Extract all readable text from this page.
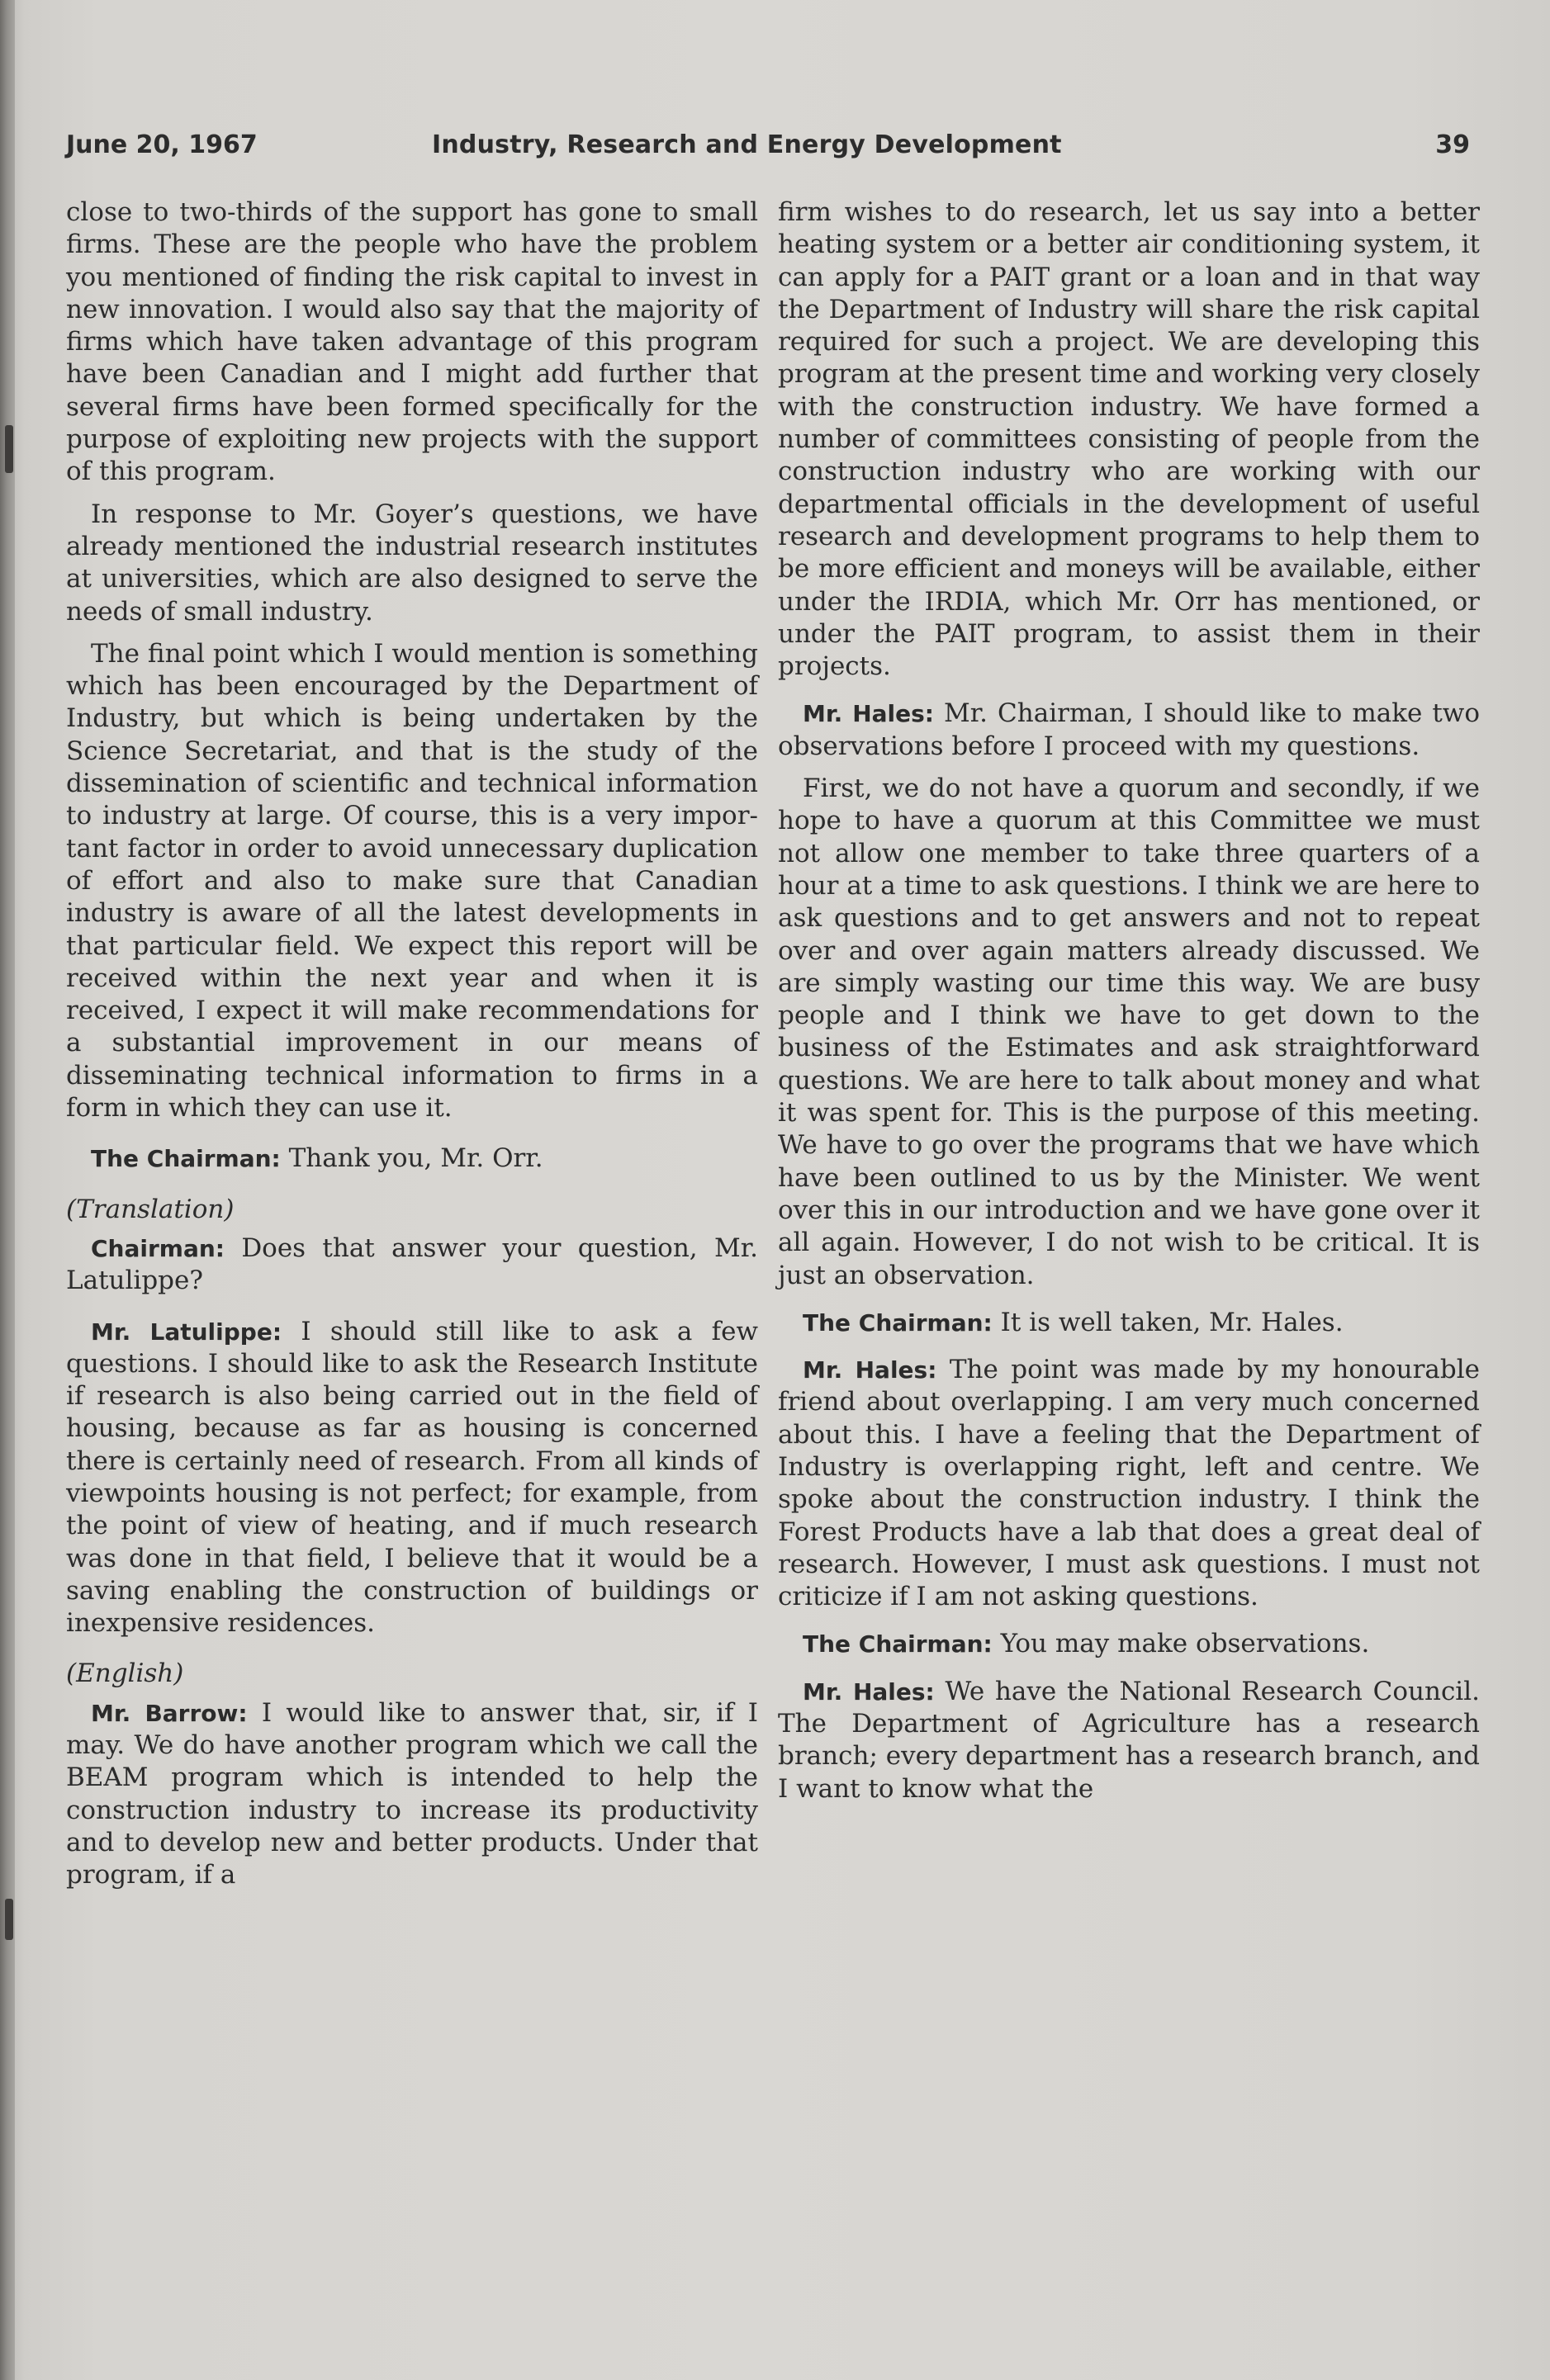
June 20, 1967	Industry, Research and Energy Development	39

close to two-thirds of the support has gone to small firms. These are the people who have the problem you mentioned of finding the risk capital to invest in new innovation. I would also say that the majority of firms which have taken advantage of this program have been Canadian and I might add further that several firms have been formed specifically for the purpose of exploiting new projects with the support of this program.

In response to Mr. Goyer’s questions, we have already mentioned the industrial research institutes at universities, which are also designed to serve the needs of small industry.

The final point which I would mention is something which has been encouraged by the Department of Industry, but which is being undertaken by the Science Secretariat, and that is the study of the dissemination of scientific and technical information to industry at large. Of course, this is a very important factor in order to avoid unnecessary duplication of effort and also to make sure that Canadian industry is aware of all the latest developments in that particular field. We expect this report will be received within the next year and when it is received, I expect it will make recommendations for a substantial improvement in our means of disseminating technical information to firms in a form in which they can use it.

The Chairman: Thank you, Mr. Orr.

(Translation)

Chairman: Does that answer your question, Mr. Latulippe?

Mr. Latulippe: I should still like to ask a few questions. I should like to ask the Research Institute if research is also being carried out in the field of housing, because as far as housing is concerned there is certainly need of research. From all kinds of viewpoints housing is not perfect; for example, from the point of view of heating, and if much research was done in that field, I believe that it would be a saving enabling the construction of buildings or inexpensive residences.

(English)

Mr. Barrow: I would like to answer that, sir, if I may. We do have another program which we call the BEAM program which is intended to help the construction industry to increase its productivity and to develop new and better products. Under that program, if a

firm wishes to do research, let us say into a better heating system or a better air conditioning system, it can apply for a PAIT grant or a loan and in that way the Department of Industry will share the risk capital required for such a project. We are developing this program at the present time and working very closely with the construction industry. We have formed a number of committees consisting of people from the construction industry who are working with our departmental officials in the development of useful research and development programs to help them to be more efficient and moneys will be available, either under the IRDIA, which Mr. Orr has mentioned, or under the PAIT program, to assist them in their projects.

Mr. Hales: Mr. Chairman, I should like to make two observations before I proceed with my questions.

First, we do not have a quorum and secondly, if we hope to have a quorum at this Committee we must not allow one member to take three quarters of a hour at a time to ask questions. I think we are here to ask questions and to get answers and not to repeat over and over again matters already discussed. We are simply wasting our time this way. We are busy people and I think we have to get down to the business of the Estimates and ask straightforward questions. We are here to talk about money and what it was spent for. This is the purpose of this meeting. We have to go over the programs that we have which have been outlined to us by the Minister. We went over this in our introduction and we have gone over it all again. However, I do not wish to be critical. It is just an observation.

The Chairman: It is well taken, Mr. Hales.

Mr. Hales: The point was made by my honourable friend about overlapping. I am very much concerned about this. I have a feeling that the Department of Industry is overlapping right, left and centre. We spoke about the construction industry. I think the Forest Products have a lab that does a great deal of research. However, I must ask questions. I must not criticize if I am not asking questions.

The Chairman: You may make observations.

Mr. Hales: We have the National Research Council. The Department of Agriculture has a research branch; every department has a research branch, and I want to know what the
